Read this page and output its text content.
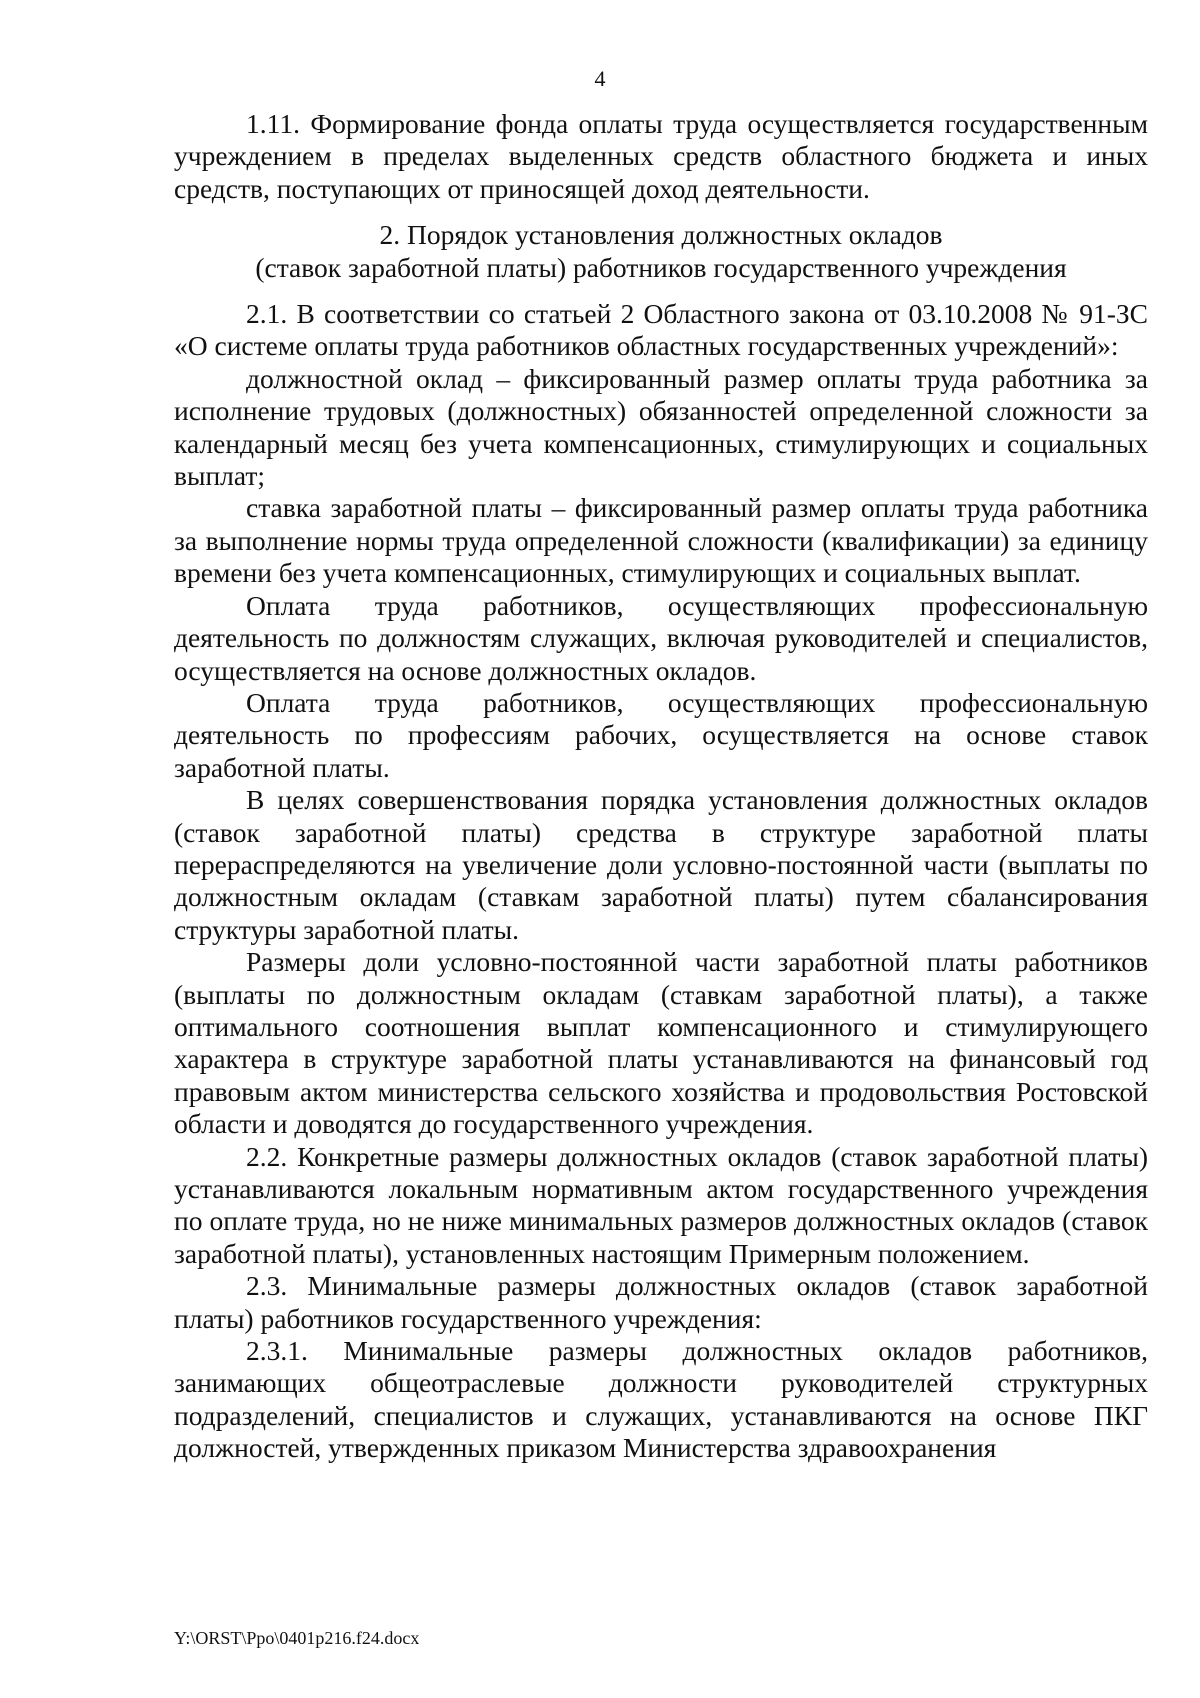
4

1.11. Формирование фонда оплаты труда осуществляется государственным учреждением в пределах выделенных средств областного бюджета и иных средств, поступающих от приносящей доход деятельности.

2. Порядок установления должностных окладов
(ставок заработной платы) работников государственного учреждения

2.1. В соответствии со статьей 2 Областного закона от 03.10.2008 № 91-ЗС «О системе оплаты труда работников областных государственных учреждений»:

должностной оклад – фиксированный размер оплаты труда работника за исполнение трудовых (должностных) обязанностей определенной сложности за календарный месяц без учета компенсационных, стимулирующих и социальных выплат;

ставка заработной платы – фиксированный размер оплаты труда работника за выполнение нормы труда определенной сложности (квалификации) за единицу времени без учета компенсационных, стимулирующих и социальных выплат.

Оплата труда работников, осуществляющих профессиональную деятельность по должностям служащих, включая руководителей и специалистов, осуществляется на основе должностных окладов.

Оплата труда работников, осуществляющих профессиональную деятельность по профессиям рабочих, осуществляется на основе ставок заработной платы.

В целях совершенствования порядка установления должностных окладов (ставок заработной платы) средства в структуре заработной платы перераспределяются на увеличение доли условно-постоянной части (выплаты по должностным окладам (ставкам заработной платы) путем сбалансирования структуры заработной платы.

Размеры доли условно-постоянной части заработной платы работников (выплаты по должностным окладам (ставкам заработной платы), а также оптимального соотношения выплат компенсационного и стимулирующего характера в структуре заработной платы устанавливаются на финансовый год правовым актом министерства сельского хозяйства и продовольствия Ростовской области и доводятся до государственного учреждения.

2.2. Конкретные размеры должностных окладов (ставок заработной платы) устанавливаются локальным нормативным актом государственного учреждения по оплате труда, но не ниже минимальных размеров должностных окладов (ставок заработной платы), установленных настоящим Примерным положением.

2.3. Минимальные размеры должностных окладов (ставок заработной платы) работников государственного учреждения:

2.3.1. Минимальные размеры должностных окладов работников, занимающих общеотраслевые должности руководителей структурных подразделений, специалистов и служащих, устанавливаются на основе ПКГ должностей, утвержденных приказом Министерства здравоохранения

Y:\ORST\Ppo\0401p216.f24.docx
